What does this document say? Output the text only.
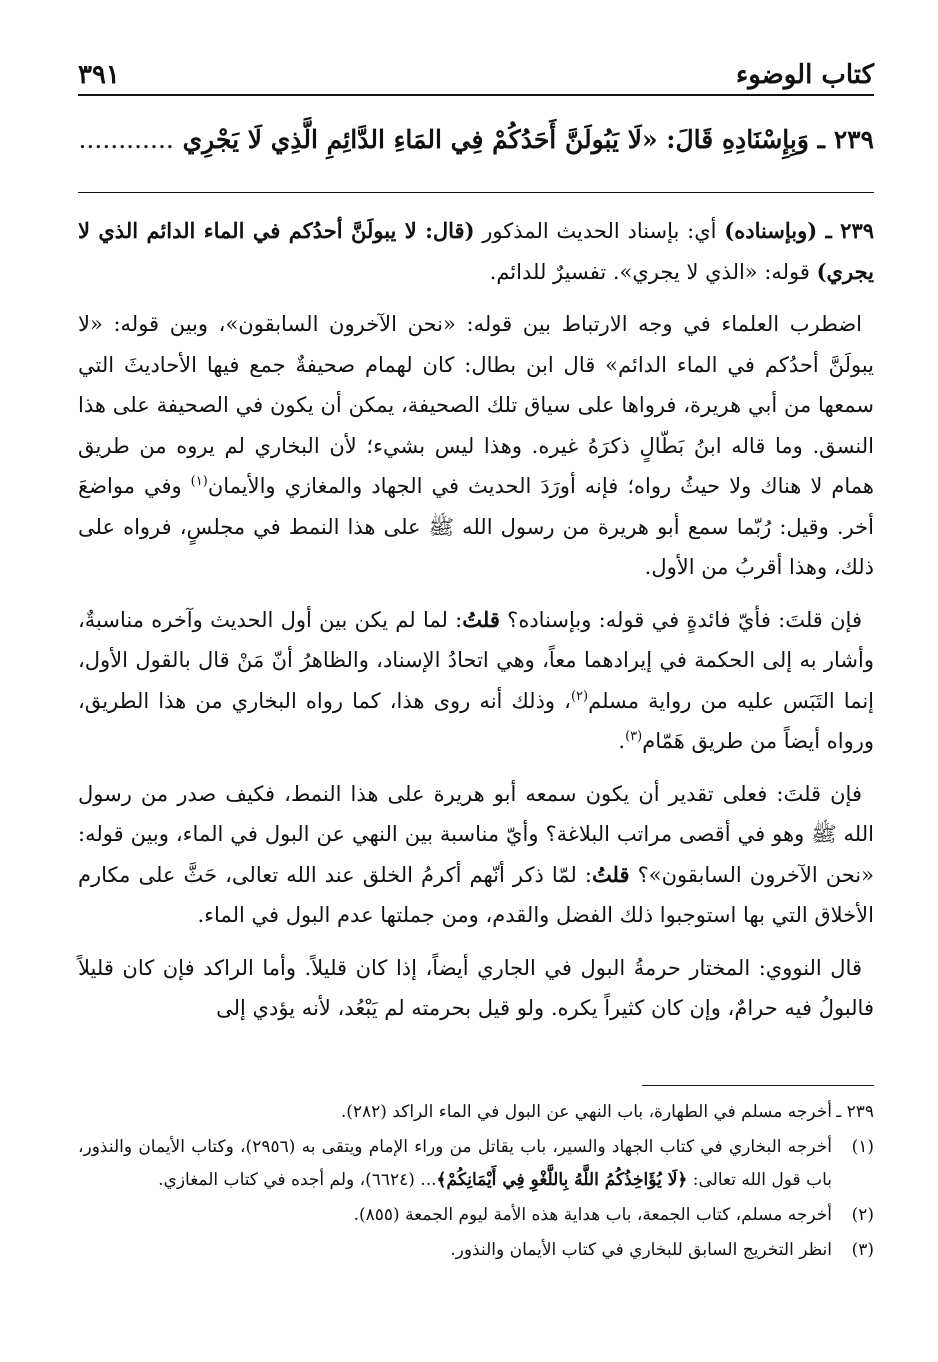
كتاب الوضوء
٣٩١
٢٣٩ ـ وَبِإِسْنَادِهِ قَالَ: «لَا يَبُولَنَّ أَحَدُكُمْ فِي المَاءِ الدَّائِمِ الَّذِي لَا يَجْرِي ............

٢٣٩ ـ (وبإسناده) أي: بإسناد الحديث المذكور (قال: لا يبولَنَّ أحدُكم في الماء الدائم الذي لا يجري) قوله: «الذي لا يجري». تفسيرٌ للدائم.

اضطرب العلماء في وجه الارتباط بين قوله: «نحن الآخرون السابقون»، وبين قوله: «لا يبولَنَّ أحدُكم في الماء الدائم» قال ابن بطال: كان لهمام صحيفةٌ جمع فيها الأحاديثَ التي سمعها من أبي هريرة، فرواها على سياق تلك الصحيفة، يمكن أن يكون في الصحيفة على هذا النسق. وما قاله ابنُ بَطّالٍ ذكرَهُ غيره. وهذا ليس بشيء؛ لأن البخاري لم يروه من طريق همام لا هناك ولا حيثُ رواه؛ فإنه أورَدَ الحديث في الجهاد والمغازي والأيمان$^{(١)}$ وفي مواضعَ أخر. وقيل: رُبّما سمع أبو هريرة من رسول الله ﷺ على هذا النمط في مجلسٍ، فرواه على ذلك، وهذا أقربُ من الأول.

فإن قلتَ: فأيّ فائدةٍ في قوله: وبإسناده؟ قلتُ: لما لم يكن بين أول الحديث وآخره مناسبةٌ، وأشار به إلى الحكمة في إيرادهما معاً، وهي اتحادُ الإسناد، والظاهرُ أنّ مَنْ قال بالقول الأول، إنما التَبَس عليه من رواية مسلم$^{(٢)}$، وذلك أنه روى هذا، كما رواه البخاري من هذا الطريق، ورواه أيضاً من طريق هَمّام$^{(٣)}$.

فإن قلتَ: فعلى تقدير أن يكون سمعه أبو هريرة على هذا النمط، فكيف صدر من رسول الله ﷺ وهو في أقصى مراتب البلاغة؟ وأيّ مناسبة بين النهي عن البول في الماء، وبين قوله: «نحن الآخرون السابقون»؟ قلتُ: لمّا ذكر أنّهم أكرمُ الخلق عند الله تعالى، حَثَّ على مكارم الأخلاق التي بها استوجبوا ذلك الفضل والقدم، ومن جملتها عدم البول في الماء.

قال النووي: المختار حرمةُ البول في الجاري أيضاً، إذا كان قليلاً. وأما الراكد فإن كان قليلاً فالبولُ فيه حرامٌ، وإن كان كثيراً يكره. ولو قيل بحرمته لم يَبْعُد، لأنه يؤدي إلى

٢٣٩ ـ
أخرجه مسلم في الطهارة، باب النهي عن البول في الماء الراكد (٢٨٢).
(١)
أخرجه البخاري في كتاب الجهاد والسير، باب يقاتل من وراء الإمام ويتقى به (٢٩٥٦)، وكتاب الأيمان والنذور، باب قول الله تعالى: ﴿لَا يُؤَاخِذُكُمُ اللَّهُ بِاللَّغْوِ فِي أَيْمَانِكُمْ﴾... (٦٦٢٤)، ولم أجده في كتاب المغازي.
(٢)
أخرجه مسلم، كتاب الجمعة، باب هداية هذه الأمة ليوم الجمعة (٨٥٥).
(٣)
انظر التخريج السابق للبخاري في كتاب الأيمان والنذور.
